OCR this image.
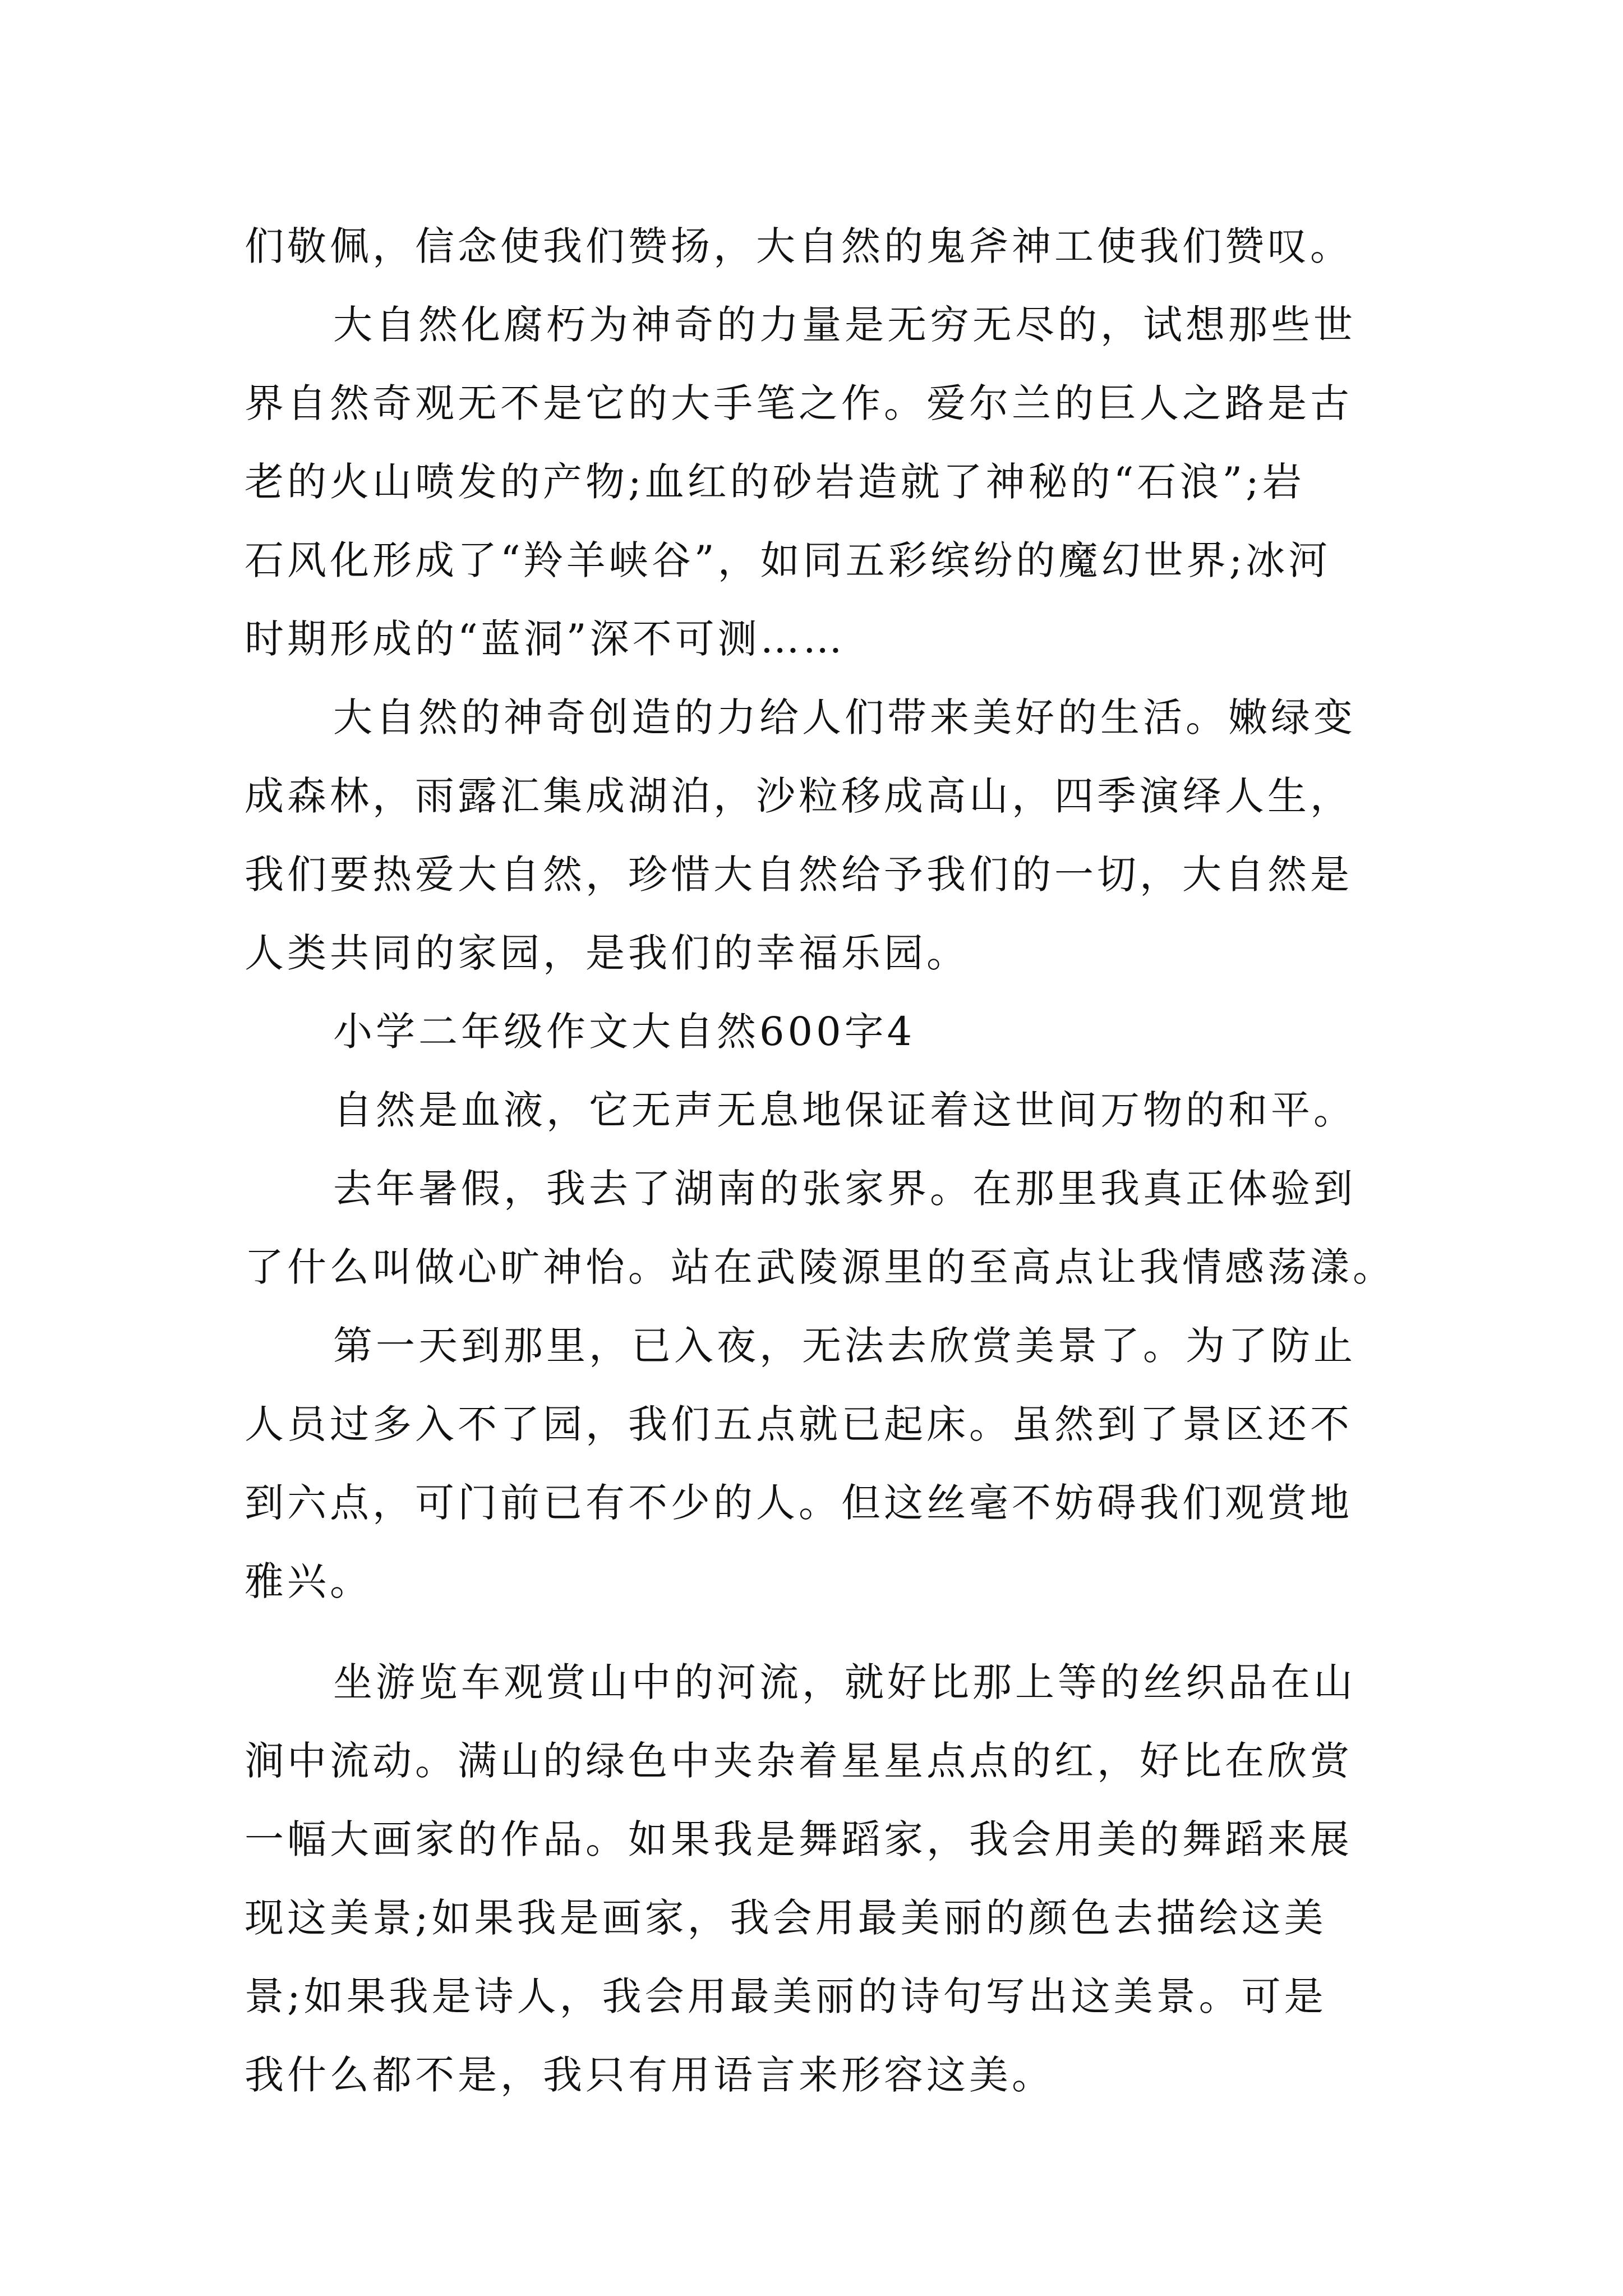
们敬佩，信念使我们赞扬，大自然的鬼斧神工使我们赞叹。

大自然化腐朽为神奇的力量是无穷无尽的，试想那些世

界自然奇观无不是它的大手笔之作。爱尔兰的巨人之路是古

老的火山喷发的产物;血红的砂岩造就了神秘的“石浪”;岩

石风化形成了“羚羊峡谷”，如同五彩缤纷的魔幻世界;冰河

时期形成的“蓝洞”深不可测……

大自然的神奇创造的力给人们带来美好的生活。嫩绿变

成森林，雨露汇集成湖泊，沙粒移成高山，四季演绎人生，

我们要热爱大自然，珍惜大自然给予我们的一切，大自然是

人类共同的家园，是我们的幸福乐园。

小学二年级作文大自然600字4

自然是血液，它无声无息地保证着这世间万物的和平。

去年暑假，我去了湖南的张家界。在那里我真正体验到

了什么叫做心旷神怡。站在武陵源里的至高点让我情感荡漾。

第一天到那里，已入夜，无法去欣赏美景了。为了防止

人员过多入不了园，我们五点就已起床。虽然到了景区还不

到六点，可门前已有不少的人。但这丝毫不妨碍我们观赏地

雅兴。

坐游览车观赏山中的河流，就好比那上等的丝织品在山

涧中流动。满山的绿色中夹杂着星星点点的红，好比在欣赏

一幅大画家的作品。如果我是舞蹈家，我会用美的舞蹈来展

现这美景;如果我是画家，我会用最美丽的颜色去描绘这美

景;如果我是诗人，我会用最美丽的诗句写出这美景。可是

我什么都不是，我只有用语言来形容这美。
